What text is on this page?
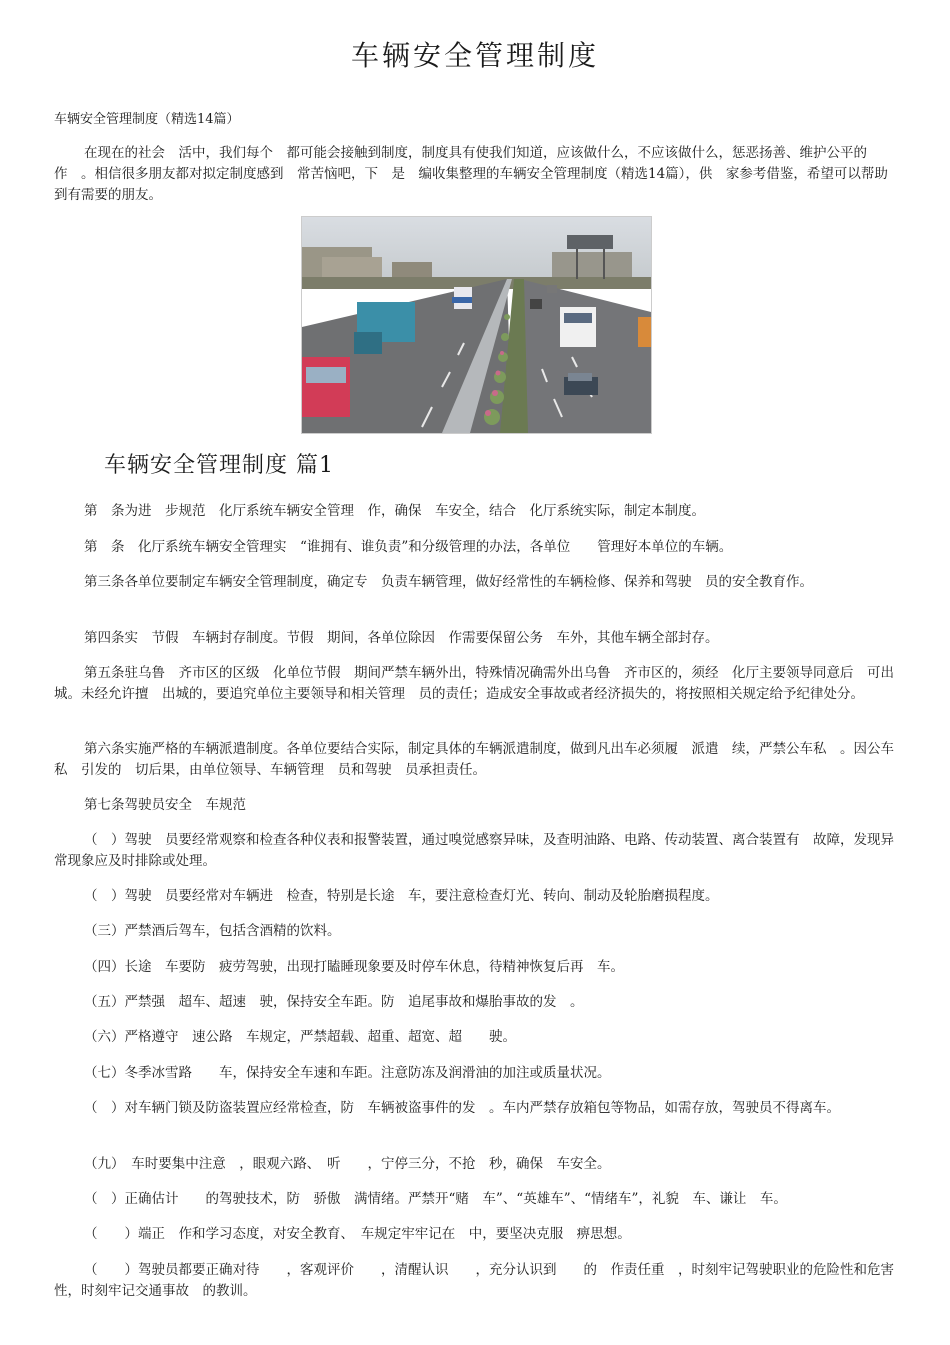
车辆安全管理制度

车辆安全管理制度（精选14篇）

在现在的社会　活中，我们每个　都可能会接触到制度，制度具有使我们知道，应该做什么，不应该做什么，惩恶扬善、维护公平的作　。相信很多朋友都对拟定制度感到　常苦恼吧，下　是　编收集整理的车辆安全管理制度（精选14篇），供　家参考借鉴，希望可以帮助到有需要的朋友。

车辆安全管理制度 篇1

第　条为进　步规范　化厅系统车辆安全管理　作，确保　车安全，结合　化厅系统实际，制定本制度。

第　条　化厅系统车辆安全管理实　“谁拥有、谁负责”和分级管理的办法，各单位　　管理好本单位的车辆。

第三条各单位要制定车辆安全管理制度，确定专　负责车辆管理，做好经常性的车辆检修、保养和驾驶　员的安全教育作。

第四条实　节假　车辆封存制度。节假　期间，各单位除因　作需要保留公务　车外，其他车辆全部封存。

第五条驻乌鲁　齐市区的区级　化单位节假　期间严禁车辆外出，特殊情况确需外出乌鲁　齐市区的，须经　化厅主要领导同意后　可出城。未经允许擅　出城的，要追究单位主要领导和相关管理　员的责任；造成安全事故或者经济损失的，将按照相关规定给予纪律处分。

第六条实施严格的车辆派遣制度。各单位要结合实际，制定具体的车辆派遣制度，做到凡出车必须履　派遣　续，严禁公车私　。因公车私　引发的　切后果，由单位领导、车辆管理　员和驾驶　员承担责任。

第七条驾驶员安全　车规范

（　）驾驶　员要经常观察和检查各种仪表和报警装置，通过嗅觉感察异味，及查明油路、电路、传动装置、离合装置有　故障，发现异常现象应及时排除或处理。

（　）驾驶　员要经常对车辆进　检查，特别是长途　车，要注意检查灯光、转向、制动及轮胎磨损程度。

（三）严禁酒后驾车，包括含酒精的饮料。

（四）长途　车要防　疲劳驾驶，出现打瞌睡现象要及时停车休息，待精神恢复后再　车。

（五）严禁强　超车、超速　驶，保持安全车距。防　追尾事故和爆胎事故的发　。

（六）严格遵守　速公路　车规定，严禁超载、超重、超宽、超　　驶。

（七）冬季冰雪路　　车，保持安全车速和车距。注意防冻及润滑油的加注或质量状况。

（　）对车辆门锁及防盗装置应经常检查，防　车辆被盗事件的发　。车内严禁存放箱包等物品，如需存放，驾驶员不得离车。

（九）　车时要集中注意　，眼观六路、　听　　，宁停三分，不抢　秒，确保　车安全。

（　）正确估计　　的驾驶技术，防　骄傲　满情绪。严禁开“赌　车”、“英雄车”、“情绪车”，礼貌　车、谦让　车。

（　　）端正　作和学习态度，对安全教育、　车规定牢牢记在　中，要坚决克服　痹思想。

（　　）驾驶员都要正确对待　　，客观评价　　，清醒认识　　，充分认识到　　的　作责任重　，时刻牢记驾驶职业的危险性和危害性，时刻牢记交通事故　的教训。
